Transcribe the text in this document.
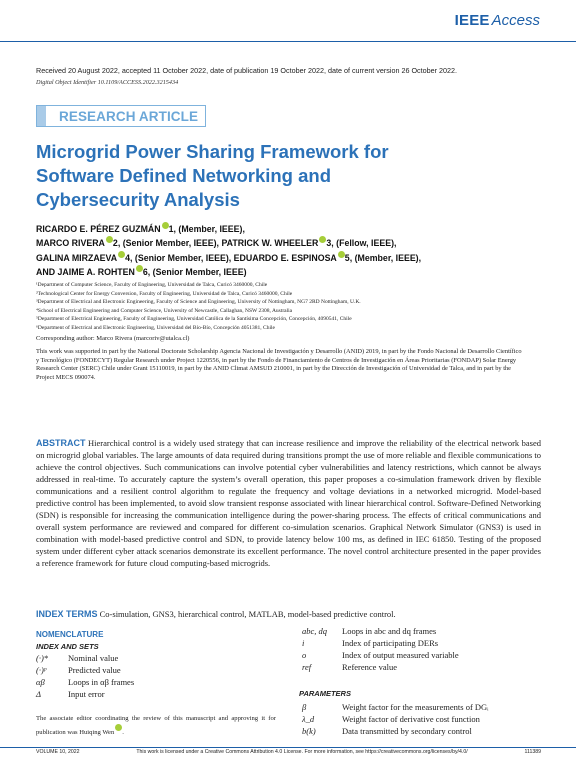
IEEE Access
Received 20 August 2022, accepted 11 October 2022, date of publication 19 October 2022, date of current version 26 October 2022.
Digital Object Identifier 10.1109/ACCESS.2022.3215434
RESEARCH ARTICLE
Microgrid Power Sharing Framework for Software Defined Networking and Cybersecurity Analysis
RICARDO E. PÉREZ GUZMÁN 1, (Member, IEEE),
MARCO RIVERA 2, (Senior Member, IEEE), PATRICK W. WHEELER 3, (Fellow, IEEE),
GALINA MIRZAEVA 4, (Senior Member, IEEE), EDUARDO E. ESPINOSA 5, (Member, IEEE),
AND JAIME A. ROHTEN 6, (Senior Member, IEEE)
¹Department of Computer Science, Faculty of Engineering, Universidad de Talca, Curicó 3460000, Chile
²Technological Center for Energy Conversion, Faculty of Engineering, Universidad de Talca, Curicó 3460000, Chile
³Department of Electrical and Electronic Engineering, Faculty of Science and Engineering, University of Nottingham, NG7 2RD Nottingham, U.K.
⁴School of Electrical Engineering and Computer Science, University of Newcastle, Callaghan, NSW 2308, Australia
⁵Department of Electrical Engineering, Faculty of Engineering, Universidad Católica de la Santísima Concepción, Concepción, 4090541, Chile
⁶Department of Electrical and Electronic Engineering, Universidad del Bío-Bío, Concepción 4051381, Chile
Corresponding author: Marco Rivera (marcoriv@utalca.cl)
This work was supported in part by the National Doctorate Scholarship Agencia Nacional de Investigación y Desarrollo (ANID) 2019, in part by the Fondo Nacional de Desarrollo Científico y Tecnológico (FONDECYT) Regular Research under Project 1220556, in part by the Fondo de Financiamiento de Centros de Investigación en Áreas Prioritarias (FONDAP) Solar Energy Research Center (SERC) Chile under Grant 15110019, in part by the ANID Climat AMSUD 210001, in part by the Dirección de Investigación of Universidad de Talca, and in part by the Project MECS 090074.
ABSTRACT Hierarchical control is a widely used strategy that can increase resilience and improve the reliability of the electrical network based on microgrid global variables. The large amounts of data required during transitions prompt the use of more reliable and flexible communications to achieve the control objectives. Such communications can involve potential cyber vulnerabilities and latency restrictions, which cannot be always addressed in real-time. To accurately capture the system’s overall operation, this paper proposes a co-simulation framework driven by flexible communications and a resilient control algorithm to regulate the frequency and voltage deviations in a networked microgrid. Model-based predictive control has been implemented, to avoid slow transient response associated with linear hierarchical control. Software-Defined Networking (SDN) is responsible for increasing the communication intelligence during the power-sharing process. The effects of critical communications and overall system performance are reviewed and compared for different co-simulation scenarios. Graphical Network Simulator (GNS3) is used in combination with model-based predictive control and SDN, to provide latency below 100 ms, as defined in IEC 61850. Testing of the proposed system under different cyber attack scenarios demonstrate its excellent performance. The novel control architecture presented in the paper provides a reference framework for future cloud computing-based microgrids.
INDEX TERMS Co-simulation, GNS3, hierarchical control, MATLAB, model-based predictive control.
NOMENCLATURE
INDEX AND SETS
(·)* Nominal value
(·)ᵖ	Predicted value
αβ	Loops in αβ frames
Δ	Input error
The associate editor coordinating the review of this manuscript and approving it for publication was Huiqing Wen .
abc, dq Loops in abc and dq frames
i	Index of participating DERs
o	Index of output measured variable
ref	Reference value
PARAMETERS
β	Weight factor for the measurements of DGᵢ
λ_d	Weight factor of derivative cost function
b(k)	Data transmitted by secondary control
VOLUME 10, 2022	This work is licensed under a Creative Commons Attribution 4.0 License. For more information, see https://creativecommons.org/licenses/by/4.0/	111389
